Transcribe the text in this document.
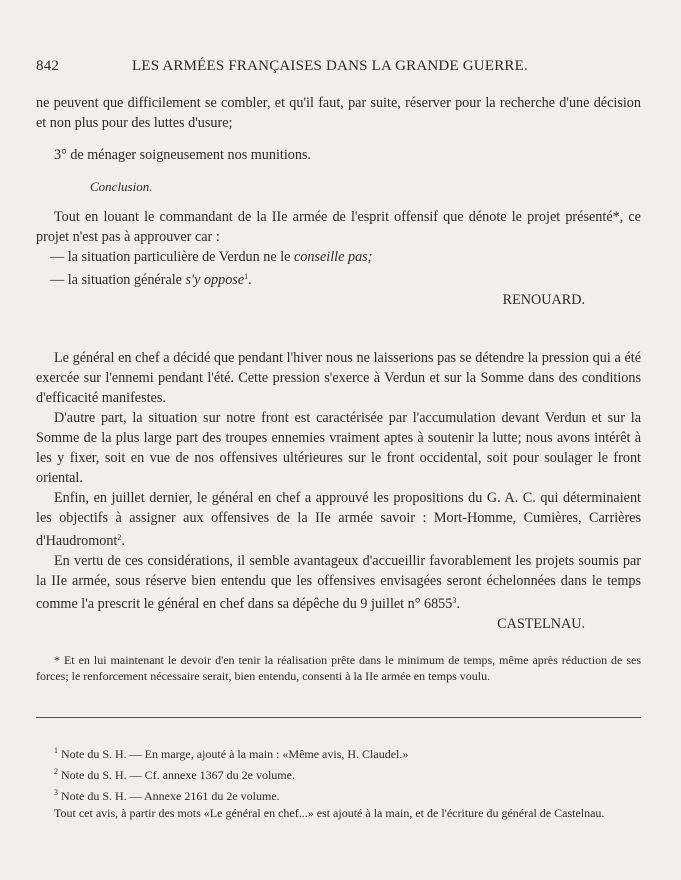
842	LES ARMÉES FRANÇAISES DANS LA GRANDE GUERRE.

ne peuvent que difficilement se combler, et qu'il faut, par suite, réserver pour la recherche d'une décision et non plus pour des luttes d'usure;

3° de ménager soigneusement nos munitions.

Conclusion.

Tout en louant le commandant de la IIe armée de l'esprit offensif que dénote le projet présenté*, ce projet n'est pas à approuver car :

— la situation particulière de Verdun ne le conseille pas;

— la situation générale s'y oppose$^1$.

RENOUARD.

Le général en chef a décidé que pendant l'hiver nous ne laisserions pas se détendre la pression qui a été exercée sur l'ennemi pendant l'été. Cette pression s'exerce à Verdun et sur la Somme dans des conditions d'efficacité manifestes.

D'autre part, la situation sur notre front est caractérisée par l'accumulation devant Verdun et sur la Somme de la plus large part des troupes ennemies vraiment aptes à soutenir la lutte; nous avons intérêt à les y fixer, soit en vue de nos offensives ultérieures sur le front occidental, soit pour soulager le front oriental.

Enfin, en juillet dernier, le général en chef a approuvé les propositions du G. A. C. qui déterminaient les objectifs à assigner aux offensives de la IIe armée savoir : Mort-Homme, Cumières, Carrières d'Haudromont$^2$.

En vertu de ces considérations, il semble avantageux d'accueillir favorablement les projets soumis par la IIe armée, sous réserve bien entendu que les offensives envisagées seront échelonnées dans le temps comme l'a prescrit le général en chef dans sa dépêche du 9 juillet n° 6855$^3$.

CASTELNAU.

* Et en lui maintenant le devoir d'en tenir la réalisation prête dans le minimum de temps, même après réduction de ses forces; le renforcement nécessaire serait, bien entendu, consenti à la IIe armée en temps voulu.

$^1$ Note du S. H. — En marge, ajouté à la main : «Même avis, H. Claudel.»

$^2$ Note du S. H. — Cf. annexe 1367 du 2e volume.

$^3$ Note du S. H. — Annexe 2161 du 2e volume.

Tout cet avis, à partir des mots «Le général en chef...» est ajouté à la main, et de l'écriture du général de Castelnau.
